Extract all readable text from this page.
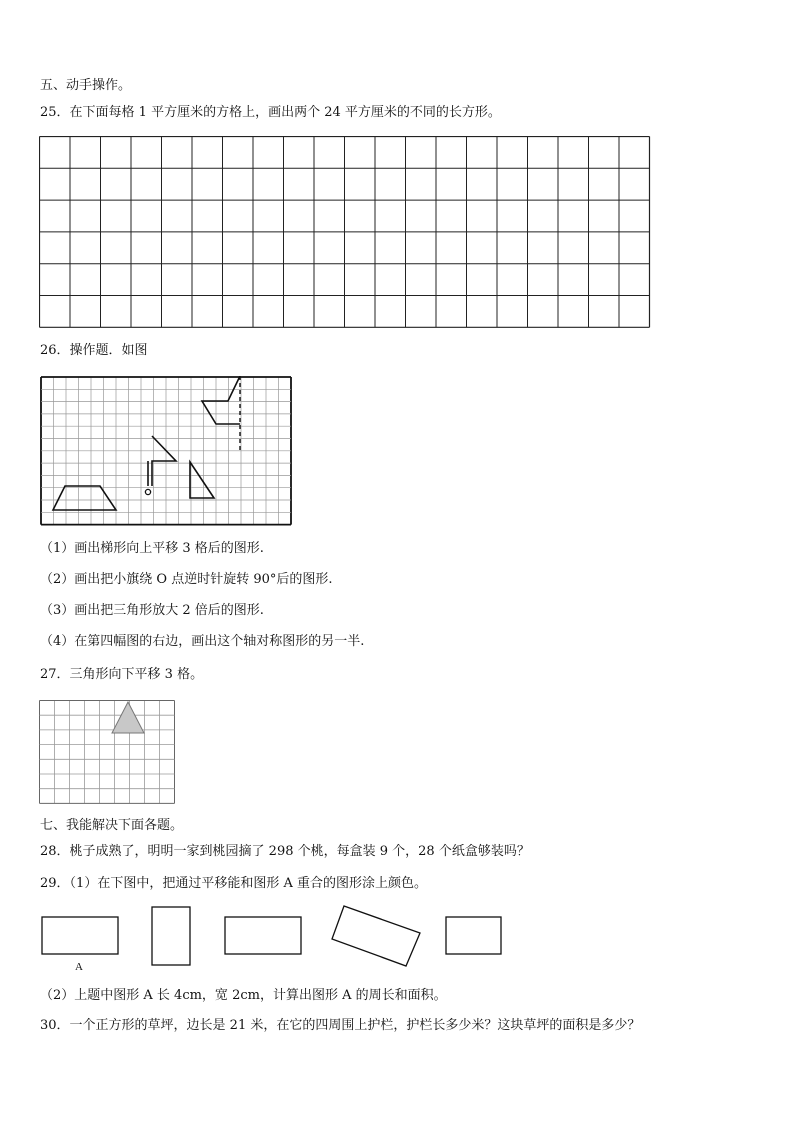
五、动手操作。
25．在下面每格 1 平方厘米的方格上，画出两个 24 平方厘米的不同的长方形。
26．操作题．如图
O
（1）画出梯形向上平移 3 格后的图形.
（2）画出把小旗绕 O 点逆时针旋转 90°后的图形.
（3）画出把三角形放大 2 倍后的图形.
（4）在第四幅图的右边，画出这个轴对称图形的另一半.
27．三角形向下平移 3 格。
七、我能解决下面各题。
28．桃子成熟了，明明一家到桃园摘了 298 个桃，每盒装 9 个，28 个纸盒够装吗？
29．（1）在下图中，把通过平移能和图形 A 重合的图形涂上颜色。
A
（2）上题中图形 A 长 4cm，宽 2cm，计算出图形 A 的周长和面积。
30．一个正方形的草坪，边长是 21 米，在它的四周围上护栏，护栏长多少米？这块草坪的面积是多少？
